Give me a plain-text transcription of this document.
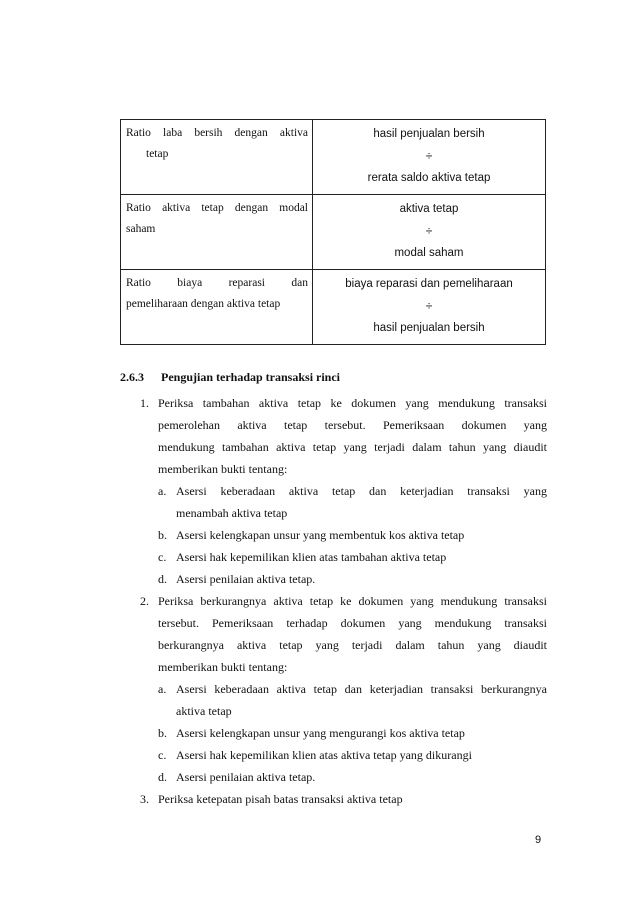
Ratio laba bersih dengan aktiva
tetap	hasil penjualan bersih
÷
rerata saldo aktiva tetap

Ratio aktiva tetap dengan modal
saham	aktiva tetap
÷
modal saham

Ratio biaya reparasi dan
pemeliharaan dengan aktiva tetap	biaya reparasi dan pemeliharaan
÷
hasil penjualan bersih
2.6.3 Pengujian terhadap transaksi rinci
1. Periksa tambahan aktiva tetap ke dokumen yang mendukung transaksi
pemerolehan aktiva tetap tersebut. Pemeriksaan dokumen yang
mendukung tambahan aktiva tetap yang terjadi dalam tahun yang diaudit
memberikan bukti tentang:
a. Asersi keberadaan aktiva tetap dan keterjadian transaksi yang
menambah aktiva tetap
b. Asersi kelengkapan unsur yang membentuk kos aktiva tetap
c. Asersi hak kepemilikan klien atas tambahan aktiva tetap
d. Asersi penilaian aktiva tetap.
2. Periksa berkurangnya aktiva tetap ke dokumen yang mendukung transaksi
tersebut. Pemeriksaan terhadap dokumen yang mendukung transaksi
berkurangnya aktiva tetap yang terjadi dalam tahun yang diaudit
memberikan bukti tentang:
a. Asersi keberadaan aktiva tetap dan keterjadian transaksi berkurangnya
aktiva tetap
b. Asersi kelengkapan unsur yang mengurangi kos aktiva tetap
c. Asersi hak kepemilikan klien atas aktiva tetap yang dikurangi
d. Asersi penilaian aktiva tetap.
3. Periksa ketepatan pisah batas transaksi aktiva tetap
9
